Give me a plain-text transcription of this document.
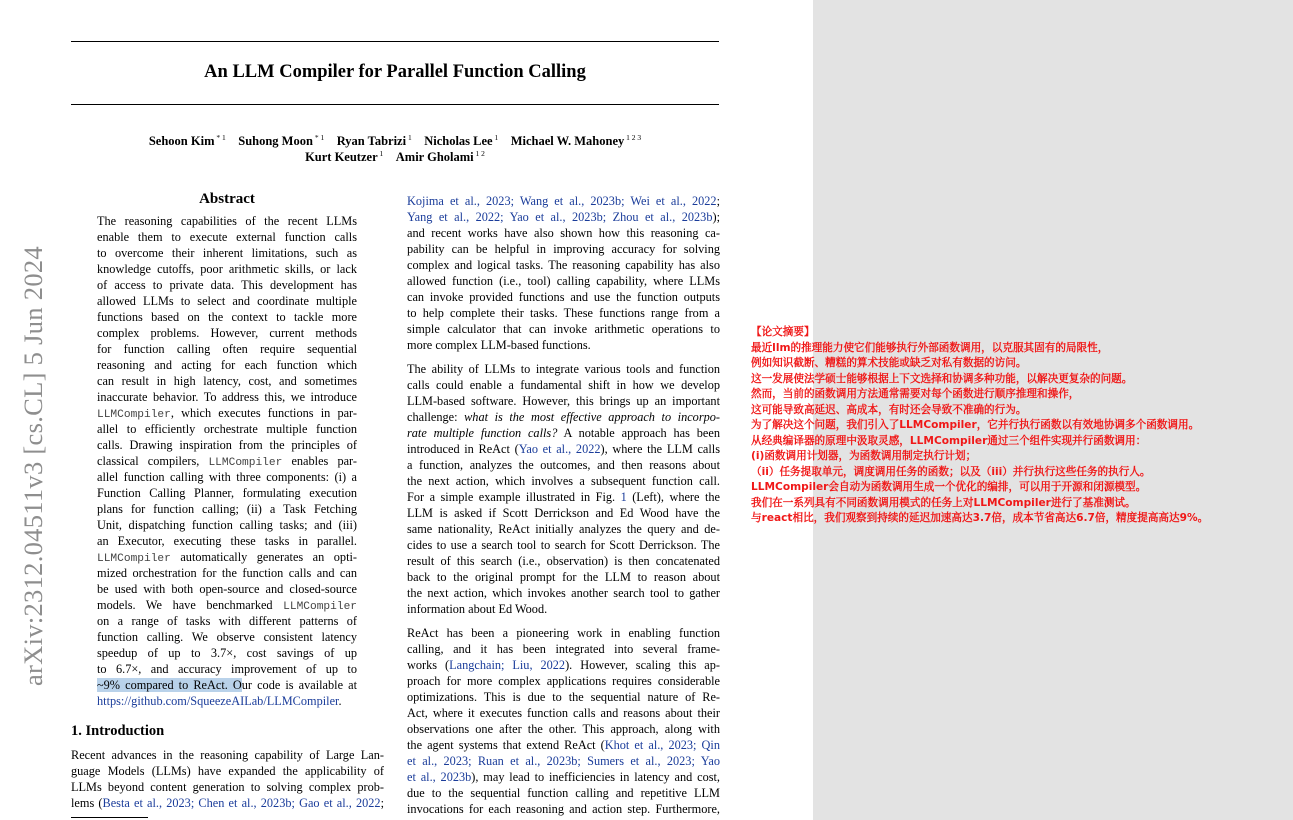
An LLM Compiler for Parallel Function Calling
Sehoon Kim $^{* 1}$  Suhong Moon $^{* 1}$  Ryan Tabrizi $^1$  Nicholas Lee $^1$  Michael W. Mahoney $^{1 2 3}$
Kurt Keutzer $^1$  Amir Gholami $^{1 2}$
arXiv:2312.04511v3 [cs.CL] 5 Jun 2024
Abstract
The reasoning capabilities of the recent LLMs
enable them to execute external function calls
to overcome their inherent limitations, such as
knowledge cutoffs, poor arithmetic skills, or lack
of access to private data. This development has
allowed LLMs to select and coordinate multiple
functions based on the context to tackle more
complex problems. However, current methods
for function calling often require sequential
reasoning and acting for each function which
can result in high latency, cost, and sometimes
inaccurate behavior. To address this, we introduce
LLMCompiler, which executes functions in par-
allel to efficiently orchestrate multiple function
calls. Drawing inspiration from the principles of
classical compilers, LLMCompiler enables par-
allel function calling with three components: (i) a
Function Calling Planner, formulating execution
plans for function calling; (ii) a Task Fetching
Unit, dispatching function calling tasks; and (iii)
an Executor, executing these tasks in parallel.
LLMCompiler automatically generates an opti-
mized orchestration for the function calls and can
be used with both open-source and closed-source
models. We have benchmarked LLMCompiler
on a range of tasks with different patterns of
function calling. We observe consistent latency
speedup of up to 3.7×, cost savings of up
to 6.7×, and accuracy improvement of up to
~9% compared to ReAct. Our code is available at
https://github.com/SqueezeAILab/LLMCompiler.
1. Introduction
Recent advances in the reasoning capability of Large Lan-
guage Models (LLMs) have expanded the applicability of
LLMs beyond content generation to solving complex prob-
lems (Besta et al., 2023; Chen et al., 2023b; Gao et al., 2022;
Kojima et al., 2023; Wang et al., 2023b; Wei et al., 2022;
Yang et al., 2022; Yao et al., 2023b; Zhou et al., 2023b);
and recent works have also shown how this reasoning ca-
pability can be helpful in improving accuracy for solving
complex and logical tasks. The reasoning capability has also
allowed function (i.e., tool) calling capability, where LLMs
can invoke provided functions and use the function outputs
to help complete their tasks. These functions range from a
simple calculator that can invoke arithmetic operations to
more complex LLM-based functions.
The ability of LLMs to integrate various tools and function
calls could enable a fundamental shift in how we develop
LLM-based software. However, this brings up an important
challenge: what is the most effective approach to incorpo-
rate multiple function calls? A notable approach has been
introduced in ReAct (Yao et al., 2022), where the LLM calls
a function, analyzes the outcomes, and then reasons about
the next action, which involves a subsequent function call.
For a simple example illustrated in Fig. 1 (Left), where the
LLM is asked if Scott Derrickson and Ed Wood have the
same nationality, ReAct initially analyzes the query and de-
cides to use a search tool to search for Scott Derrickson. The
result of this search (i.e., observation) is then concatenated
back to the original prompt for the LLM to reason about
the next action, which invokes another search tool to gather
information about Ed Wood.
ReAct has been a pioneering work in enabling function
calling, and it has been integrated into several frame-
works (Langchain; Liu, 2022). However, scaling this ap-
proach for more complex applications requires considerable
optimizations. This is due to the sequential nature of Re-
Act, where it executes function calls and reasons about their
observations one after the other. This approach, along with
the agent systems that extend ReAct (Khot et al., 2023; Qin
et al., 2023; Ruan et al., 2023b; Sumers et al., 2023; Yao
et al., 2023b), may lead to inefficiencies in latency and cost,
due to the sequential function calling and repetitive LLM
invocations for each reasoning and action step. Furthermore,
【论文摘要】
最近llm的推理能力使它们能够执行外部函数调用，以克服其固有的局限性，
例如知识截断、糟糕的算术技能或缺乏对私有数据的访问。
这一发展使法学硕士能够根据上下文选择和协调多种功能，以解决更复杂的问题。
然而，当前的函数调用方法通常需要对每个函数进行顺序推理和操作，
这可能导致高延迟、高成本，有时还会导致不准确的行为。
为了解决这个问题，我们引入了LLMCompiler，它并行执行函数以有效地协调多个函数调用。
从经典编译器的原理中汲取灵感，LLMCompiler通过三个组件实现并行函数调用：
(i)函数调用计划器，为函数调用制定执行计划；
（ii）任务提取单元，调度调用任务的函数；以及（iii）并行执行这些任务的执行人。
LLMCompiler会自动为函数调用生成一个优化的编排，可以用于开源和闭源模型。
我们在一系列具有不同函数调用模式的任务上对LLMCompiler进行了基准测试。
与react相比，我们观察到持续的延迟加速高达3.7倍，成本节省高达6.7倍，精度提高高达9%。
